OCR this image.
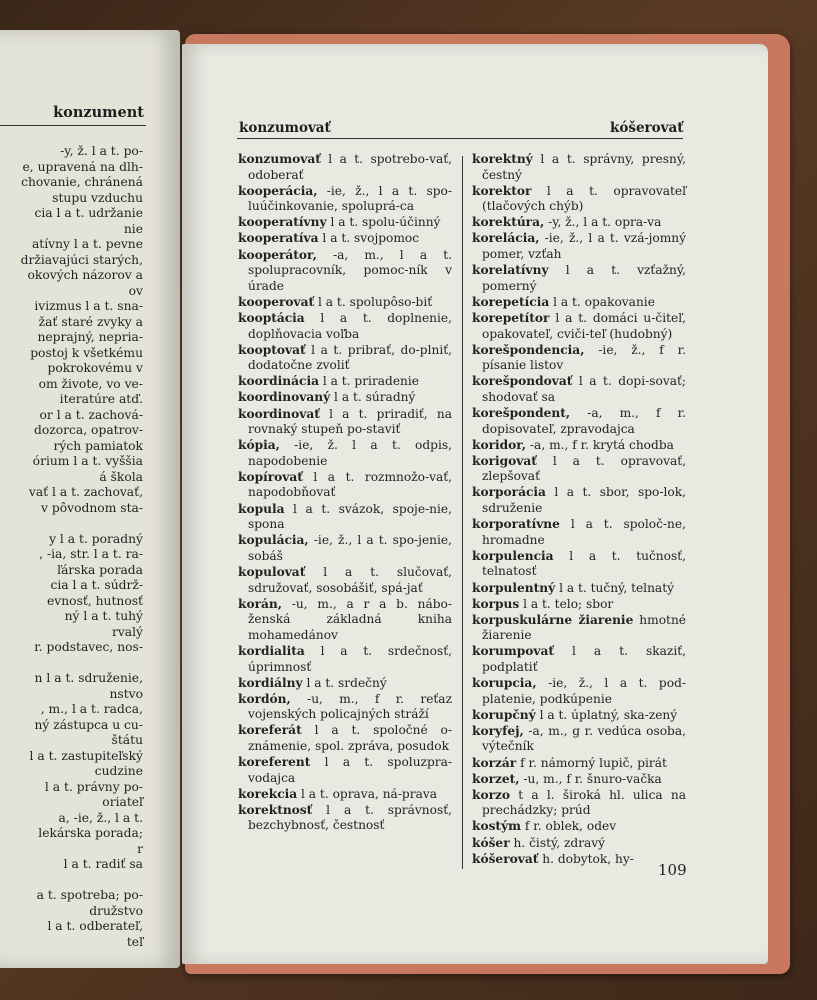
konzument
-y, ž. l a t. po-
e, upravená na dlh-
chovanie, chránená
stupu vzduchu
cia l a t. udržanie
nie
atívny l a t. pevne
držiavajúci starých,
okových názorov a
ov
ivizmus l a t. sna-
žať staré zvyky a
neprajný, nepria-
postoj k všetkému
pokrokovému v
om živote, vo ve-
iteratúre atď.
or l a t. zachová-
dozorca, opatrov-
rých pamiatok
órium l a t. vyššia
á škola
vať l a t. zachovať,
v pôvodnom sta-

y l a t. poradný
, -ia, str. l a t. ra-
ľárska porada
cia l a t. súdrž-
evnosť, hutnosť
ný l a t. tuhý
rvalý
r. podstavec, nos-

n l a t. sdruženie,
nstvo
, m., l a t. radca,
ný zástupca u cu-
štátu
l a t. zastupiteľský
cudzine
l a t. právny po-
oriateľ
a, -ie, ž., l a t.
lekárska porada;
r
l a t. radiť sa

a t. spotreba; po-
družstvo
l a t. odberateľ,
teľ
konzumovať	kóšerovať
konzumovať l a t. spotrebo-vať, odoberať
kooperácia, -ie, ž., l a t. spo-luúčinkovanie, spoluprá-ca
kooperatívny l a t. spolu-účinný
kooperatíva l a t. svojpomoc
kooperátor, -a, m., l a t. spolupracovník, pomoc-ník v úrade
kooperovať l a t. spolupôso-biť
kooptácia l a t. doplnenie, doplňovacia voľba
kooptovať l a t. pribrať, do-plniť, dodatočne zvoliť
koordinácia l a t. priradenie
koordinovaný l a t. súradný
koordinovať l a t. priradiť, na rovnaký stupeň po-staviť
kópia, -ie, ž. l a t. odpis, napodobenie
kopírovať l a t. rozmnožo-vať, napodobňovať
kopula l a t. svázok, spoje-nie, spona
kopulácia, -ie, ž., l a t. spo-jenie, sobáš
kopulovať l a t. slučovať, sdružovať, sosobášiť, spá-jať
korán, -u, m., a r a b. nábo-ženská základná kniha mohamedánov
kordialita l a t. srdečnosť, úprimnosť
kordiálny l a t. srdečný
kordón, -u, m., f r. reťaz vojenských policajných stráží
koreferát l a t. spoločné o-známenie, spol. zpráva, posudok
koreferent l a t. spoluzpra-vodajca
korekcia l a t. oprava, ná-prava
korektnosť l a t. správnosť, bezchybnosť, čestnosť
korektný l a t. správny, presný, čestný
korektor l a t. opravovateľ (tlačových chýb)
korektúra, -y, ž., l a t. opra-va
korelácia, -ie, ž., l a t. vzá-jomný pomer, vzťah
korelatívny l a t. vzťažný, pomerný
korepetícia l a t. opakovanie
korepetítor l a t. domáci u-čiteľ, opakovateľ, cviči-teľ (hudobný)
korešpondencia, -ie, ž., f r. písanie listov
korešpondovať l a t. dopi-sovať; shodovať sa
korešpondent, -a, m., f r. dopisovateľ, zpravodajca
koridor, -a, m., f r. krytá chodba
korigovať l a t. opravovať, zlepšovať
korporácia l a t. sbor, spo-lok, sdruženie
korporatívne l a t. spoloč-ne, hromadne
korpulencia l a t. tučnosť, telnatosť
korpulentný l a t. tučný, telnatý
korpus l a t. telo; sbor
korpuskulárne žiarenie hmotné žiarenie
korumpovať l a t. skaziť, podplatiť
korupcia, -ie, ž., l a t. pod-platenie, podkúpenie
korupčný l a t. úplatný, ska-zený
koryfej, -a, m., g r. vedúca osoba, výtečník
korzár f r. námorný lupič, pirát
korzet, -u, m., f r. šnuro-vačka
korzo t a l. široká hl. ulica na prechádzky; prúd
kostým f r. oblek, odev
kóšer h. čistý, zdravý
kóšerovať h. dobytok, hy-
109
